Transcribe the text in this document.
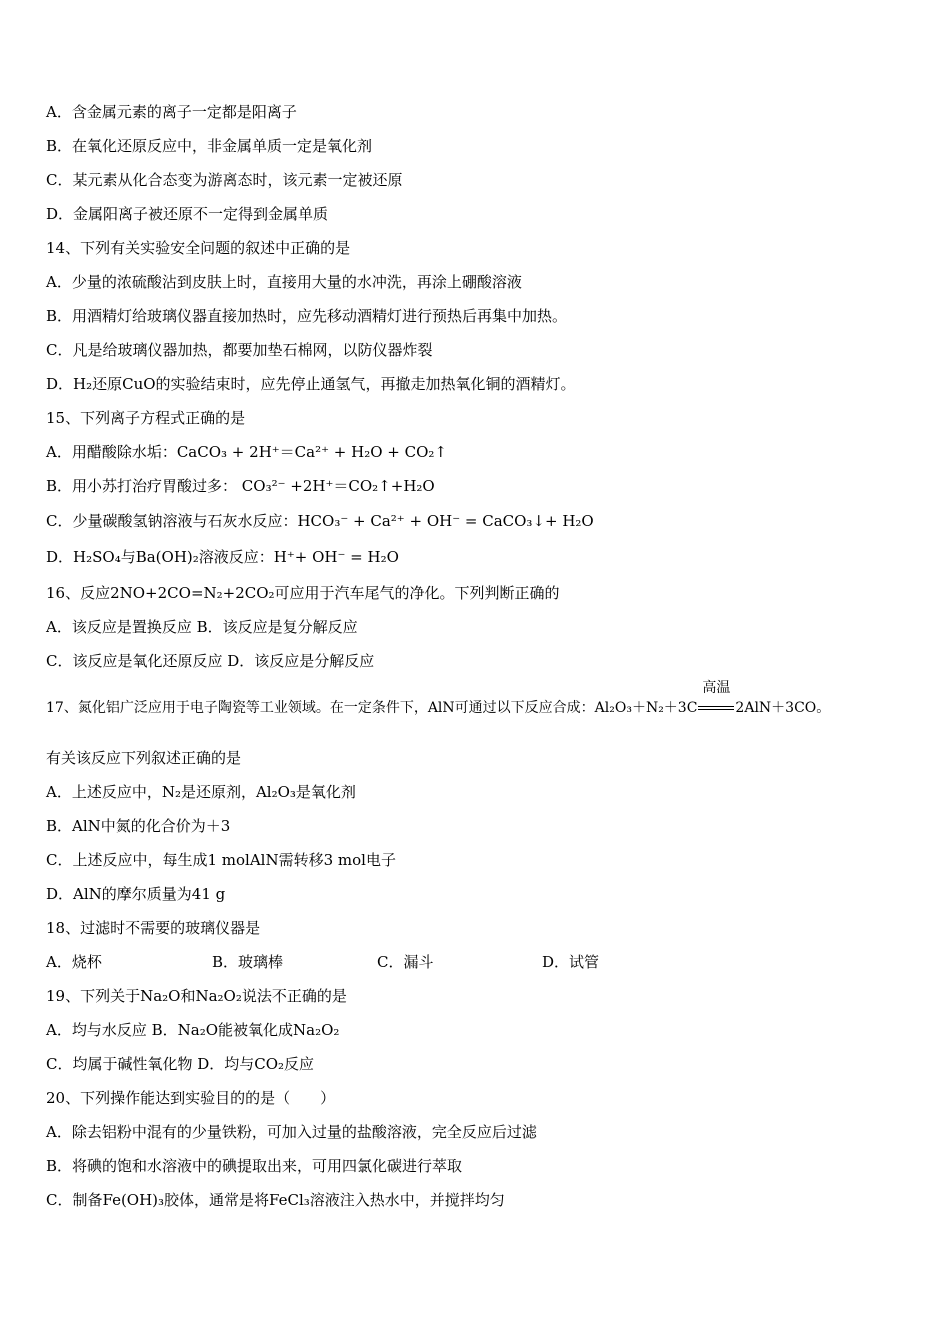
A．含金属元素的离子一定都是阳离子
B．在氧化还原反应中，非金属单质一定是氧化剂
C．某元素从化合态变为游离态时，该元素一定被还原
D．金属阳离子被还原不一定得到金属单质
14、下列有关实验安全问题的叙述中正确的是
A．少量的浓硫酸沾到皮肤上时，直接用大量的水冲洗，再涂上硼酸溶液
B．用酒精灯给玻璃仪器直接加热时，应先移动酒精灯进行预热后再集中加热。
C．凡是给玻璃仪器加热，都要加垫石棉网，以防仪器炸裂
D．H₂还原CuO的实验结束时，应先停止通氢气，再撤走加热氧化铜的酒精灯。
15、下列离子方程式正确的是
A．用醋酸除水垢：CaCO₃ + 2H⁺＝Ca²⁺ + H₂O + CO₂↑
B．用小苏打治疗胃酸过多： CO₃²⁻ +2H⁺＝CO₂↑+H₂O
C．少量碳酸氢钠溶液与石灰水反应：HCO₃⁻ + Ca²⁺ + OH⁻ = CaCO₃↓+ H₂O
D．H₂SO₄与Ba(OH)₂溶液反应：H⁺+ OH⁻ = H₂O
16、反应2NO+2CO=N₂+2CO₂可应用于汽车尾气的净化。下列判断正确的
A．该反应是置换反应 B．该反应是复分解反应
C．该反应是氧化还原反应 D．该反应是分解反应
17、氮化铝广泛应用于电子陶瓷等工业领域。在一定条件下，AlN可通过以下反应合成：Al₂O₃＋N₂＋3C
高温
2AlN＋3CO。
有关该反应下列叙述正确的是
A．上述反应中，N₂是还原剂，Al₂O₃是氧化剂
B．AlN中氮的化合价为＋3
C．上述反应中，每生成1 molAlN需转移3 mol电子
D．AlN的摩尔质量为41 g
18、过滤时不需要的玻璃仪器是
A．烧杯	B．玻璃棒	C．漏斗	D．试管
19、下列关于Na₂O和Na₂O₂说法不正确的是
A．均与水反应 B．Na₂O能被氧化成Na₂O₂
C．均属于碱性氧化物 D．均与CO₂反应
20、下列操作能达到实验目的的是（　　）
A．除去铝粉中混有的少量铁粉，可加入过量的盐酸溶液，完全反应后过滤
B．将碘的饱和水溶液中的碘提取出来，可用四氯化碳进行萃取
C．制备Fe(OH)₃胶体，通常是将FeCl₃溶液注入热水中，并搅拌均匀
